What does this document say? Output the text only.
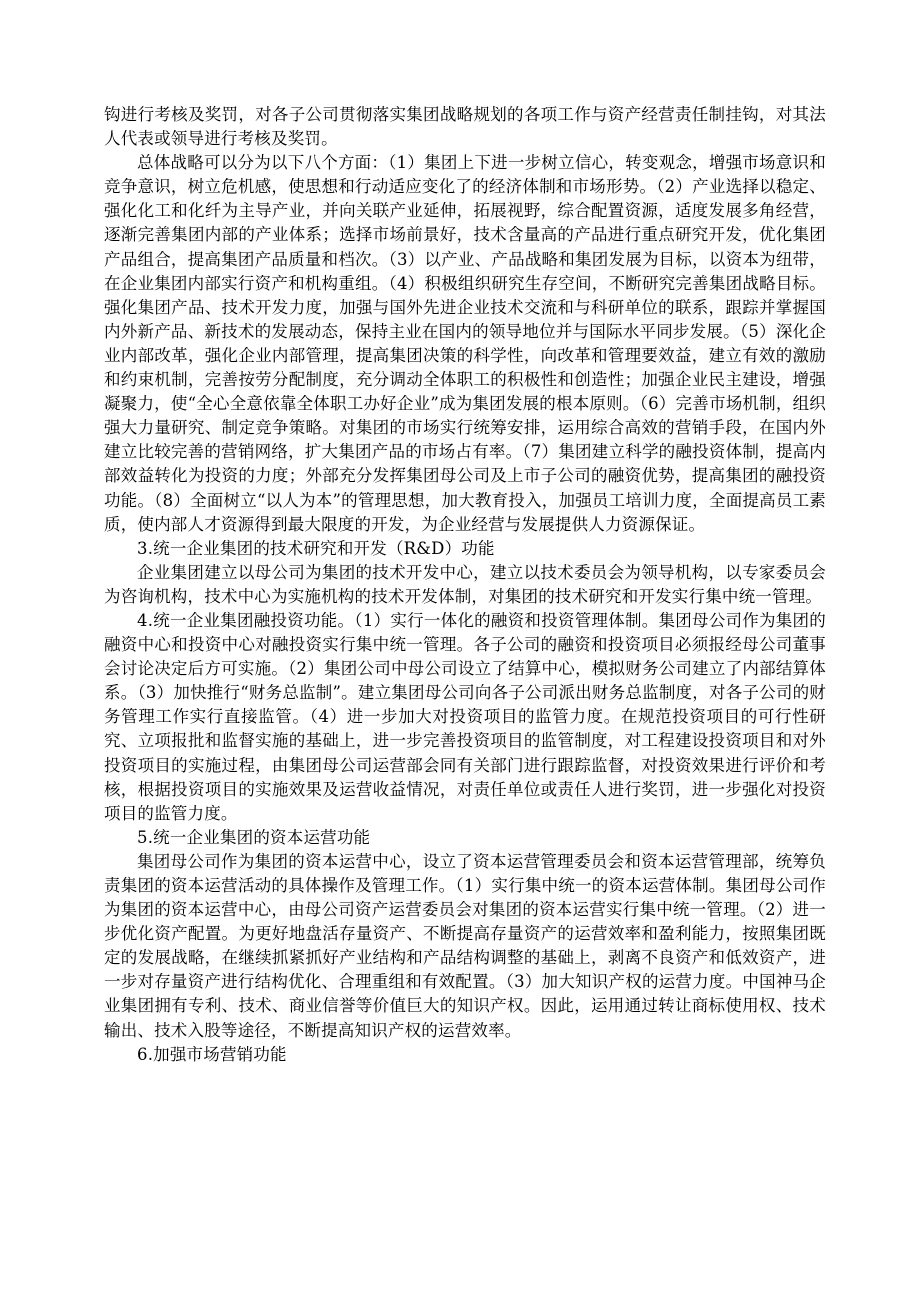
钩进行考核及奖罚，对各子公司贯彻落实集团战略规划的各项工作与资产经营责任制挂钩，对其法人代表或领导进行考核及奖罚。

总体战略可以分为以下八个方面：（1）集团上下进一步树立信心，转变观念，增强市场意识和竞争意识，树立危机感，使思想和行动适应变化了的经济体制和市场形势。（2）产业选择以稳定、强化化工和化纤为主导产业，并向关联产业延伸，拓展视野，综合配置资源，适度发展多角经营，逐渐完善集团内部的产业体系；选择市场前景好，技术含量高的产品进行重点研究开发，优化集团产品组合，提高集团产品质量和档次。（3）以产业、产品战略和集团发展为目标，以资本为纽带，在企业集团内部实行资产和机构重组。（4）积极组织研究生存空间，不断研究完善集团战略目标。强化集团产品、技术开发力度，加强与国外先进企业技术交流和与科研单位的联系，跟踪并掌握国内外新产品、新技术的发展动态，保持主业在国内的领导地位并与国际水平同步发展。（5）深化企业内部改革，强化企业内部管理，提高集团决策的科学性，向改革和管理要效益，建立有效的激励和约束机制，完善按劳分配制度，充分调动全体职工的积极性和创造性；加强企业民主建设，增强凝聚力，使“全心全意依靠全体职工办好企业”成为集团发展的根本原则。（6）完善市场机制，组织强大力量研究、制定竞争策略。对集团的市场实行统筹安排，运用综合高效的营销手段，在国内外建立比较完善的营销网络，扩大集团产品的市场占有率。（7）集团建立科学的融投资体制，提高内部效益转化为投资的力度；外部充分发挥集团母公司及上市子公司的融资优势，提高集团的融投资功能。（8）全面树立“以人为本”的管理思想，加大教育投入，加强员工培训力度，全面提高员工素质，使内部人才资源得到最大限度的开发，为企业经营与发展提供人力资源保证。

3.统一企业集团的技术研究和开发（R&D）功能

企业集团建立以母公司为集团的技术开发中心，建立以技术委员会为领导机构，以专家委员会为咨询机构，技术中心为实施机构的技术开发体制，对集团的技术研究和开发实行集中统一管理。

4.统一企业集团融投资功能。（1）实行一体化的融资和投资管理体制。集团母公司作为集团的融资中心和投资中心对融投资实行集中统一管理。各子公司的融资和投资项目必须报经母公司董事会讨论决定后方可实施。（2）集团公司中母公司设立了结算中心，模拟财务公司建立了内部结算体系。（3）加快推行“财务总监制”。建立集团母公司向各子公司派出财务总监制度，对各子公司的财务管理工作实行直接监管。（4）进一步加大对投资项目的监管力度。在规范投资项目的可行性研究、立项报批和监督实施的基础上，进一步完善投资项目的监管制度，对工程建设投资项目和对外投资项目的实施过程，由集团母公司运营部会同有关部门进行跟踪监督，对投资效果进行评价和考核，根据投资项目的实施效果及运营收益情况，对责任单位或责任人进行奖罚，进一步强化对投资项目的监管力度。

5.统一企业集团的资本运营功能

集团母公司作为集团的资本运营中心，设立了资本运营管理委员会和资本运营管理部，统筹负责集团的资本运营活动的具体操作及管理工作。（1）实行集中统一的资本运营体制。集团母公司作为集团的资本运营中心，由母公司资产运营委员会对集团的资本运营实行集中统一管理。（2）进一步优化资产配置。为更好地盘活存量资产、不断提高存量资产的运营效率和盈利能力，按照集团既定的发展战略，在继续抓紧抓好产业结构和产品结构调整的基础上，剥离不良资产和低效资产，进一步对存量资产进行结构优化、合理重组和有效配置。（3）加大知识产权的运营力度。中国神马企业集团拥有专利、技术、商业信誉等价值巨大的知识产权。因此，运用通过转让商标使用权、技术输出、技术入股等途径，不断提高知识产权的运营效率。

6.加强市场营销功能
